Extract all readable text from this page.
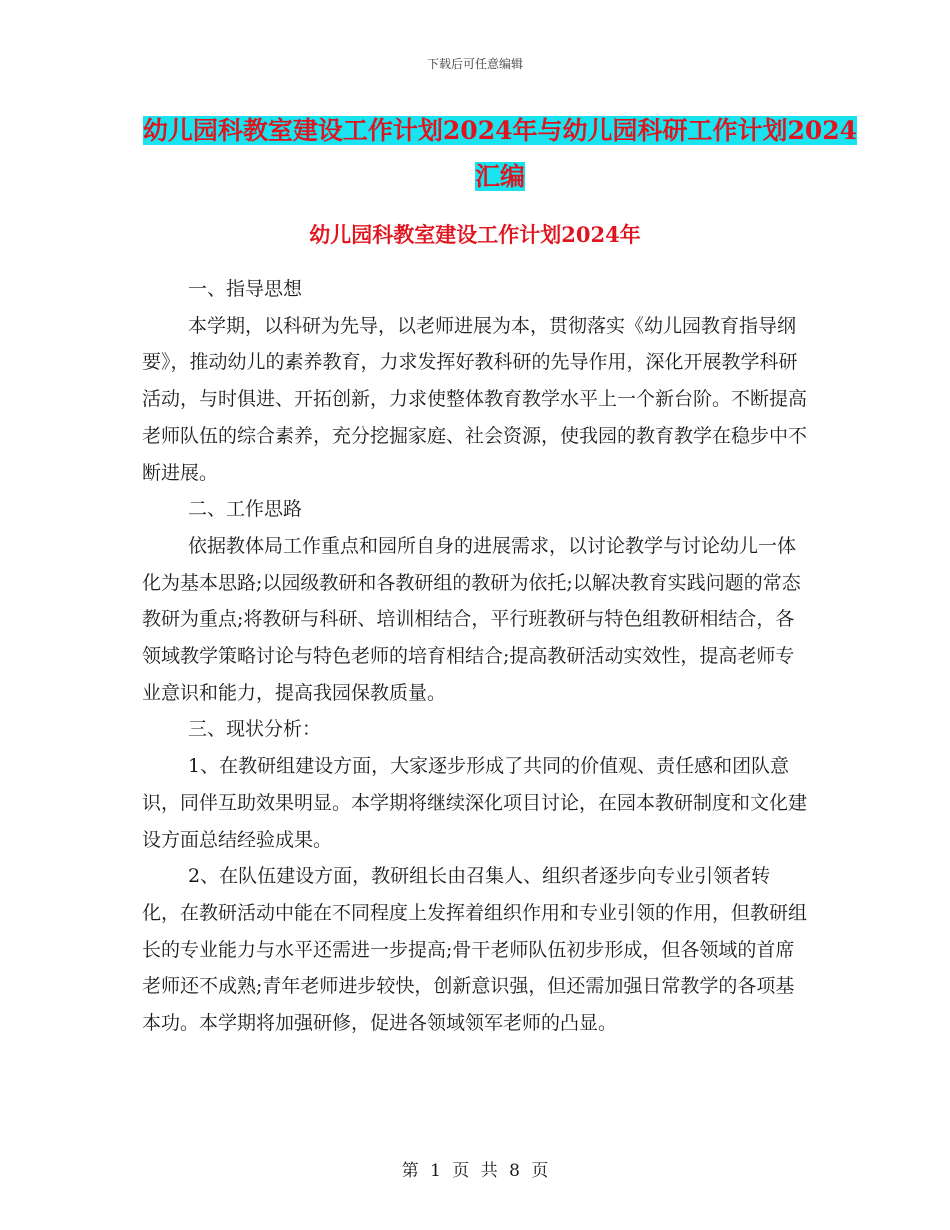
下载后可任意编辑
幼儿园科教室建设工作计划2024年与幼儿园科研工作计划2024汇编
幼儿园科教室建设工作计划2024年

一、指导思想

本学期，以科研为先导，以老师进展为本，贯彻落实《幼儿园教育指导纲要》，推动幼儿的素养教育，力求发挥好教科研的先导作用，深化开展教学科研活动，与时俱进、开拓创新，力求使整体教育教学水平上一个新台阶。不断提高老师队伍的综合素养，充分挖掘家庭、社会资源，使我园的教育教学在稳步中不断进展。

二、工作思路

依据教体局工作重点和园所自身的进展需求，以讨论教学与讨论幼儿一体化为基本思路;以园级教研和各教研组的教研为依托;以解决教育实践问题的常态教研为重点;将教研与科研、培训相结合，平行班教研与特色组教研相结合，各领域教学策略讨论与特色老师的培育相结合;提高教研活动实效性，提高老师专业意识和能力，提高我园保教质量。

三、现状分析：

1、在教研组建设方面，大家逐步形成了共同的价值观、责任感和团队意识，同伴互助效果明显。本学期将继续深化项目讨论，在园本教研制度和文化建设方面总结经验成果。

2、在队伍建设方面，教研组长由召集人、组织者逐步向专业引领者转化，在教研活动中能在不同程度上发挥着组织作用和专业引领的作用，但教研组长的专业能力与水平还需进一步提高;骨干老师队伍初步形成，但各领域的首席老师还不成熟;青年老师进步较快，创新意识强，但还需加强日常教学的各项基本功。本学期将加强研修，促进各领域领军老师的凸显。

第 1 页 共 8 页
